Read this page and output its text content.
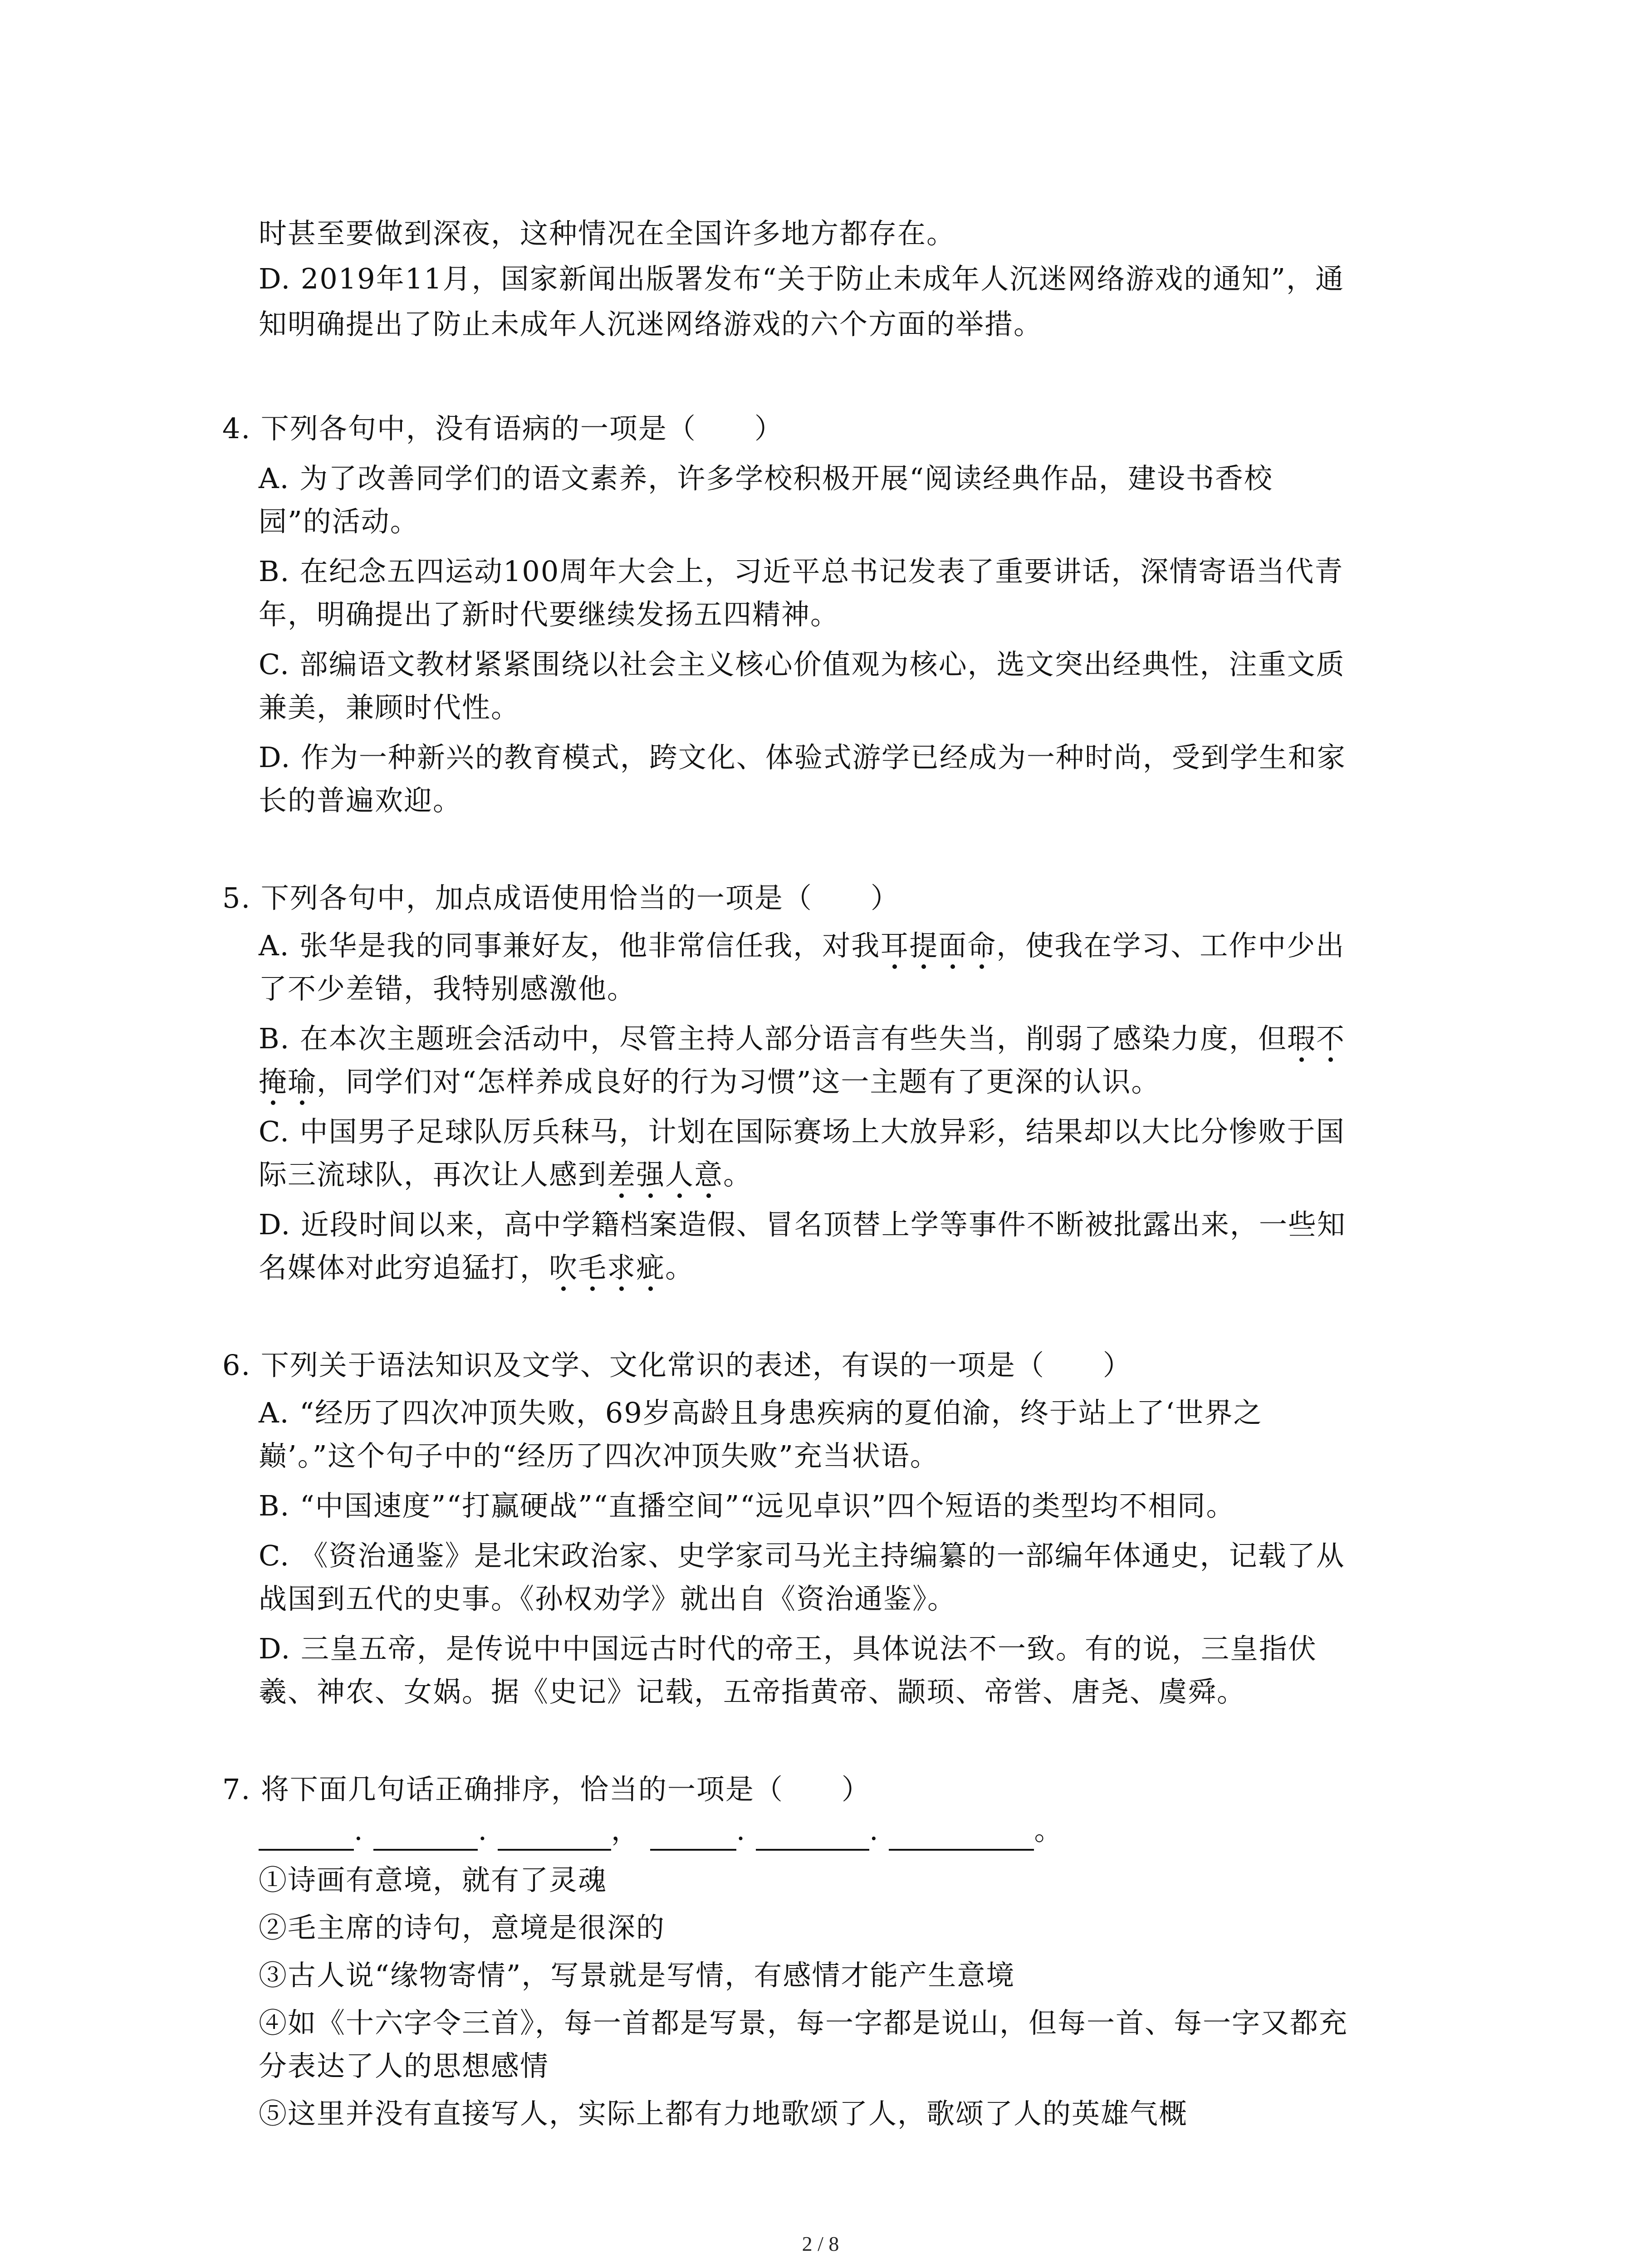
时甚至要做到深夜，这种情况在全国许多地方都存在。
D. 2019年11月，国家新闻出版署发布“关于防止未成年人沉迷网络游戏的通知”，通
知明确提出了防止未成年人沉迷网络游戏的六个方面的举措。
4. 下列各句中，没有语病的一项是（　　）
A. 为了改善同学们的语文素养，许多学校积极开展“阅读经典作品，建设书香校
园”的活动。
B. 在纪念五四运动100周年大会上，习近平总书记发表了重要讲话，深情寄语当代青
年，明确提出了新时代要继续发扬五四精神。
C. 部编语文教材紧紧围绕以社会主义核心价值观为核心，选文突出经典性，注重文质
兼美，兼顾时代性。
D. 作为一种新兴的教育模式，跨文化、体验式游学已经成为一种时尚，受到学生和家
长的普遍欢迎。
5. 下列各句中，加点成语使用恰当的一项是（　　）
A. 张华是我的同事兼好友，他非常信任我，对我耳提面命，使我在学习、工作中少出
了不少差错，我特别感激他。
B. 在本次主题班会活动中，尽管主持人部分语言有些失当，削弱了感染力度，但瑕不
掩瑜，同学们对“怎样养成良好的行为习惯”这一主题有了更深的认识。
C. 中国男子足球队厉兵秣马，计划在国际赛场上大放异彩，结果却以大比分惨败于国
际三流球队，再次让人感到差强人意。
D. 近段时间以来，高中学籍档案造假、冒名顶替上学等事件不断被批露出来，一些知
名媒体对此穷追猛打，吹毛求疵。
6. 下列关于语法知识及文学、文化常识的表述，有误的一项是（　　）
A. “经历了四次冲顶失败，69岁高龄且身患疾病的夏伯渝，终于站上了‘世界之
巅’。”这个句子中的“经历了四次冲顶失败”充当状语。
B. “中国速度”“打赢硬战”“直播空间”“远见卓识”四个短语的类型均不相同。
C. 《资治通鉴》是北宋政治家、史学家司马光主持编纂的一部编年体通史，记载了从
战国到五代的史事。《孙权劝学》就出自《资治通鉴》。
D. 三皇五帝，是传说中中国远古时代的帝王，具体说法不一致。有的说，三皇指伏
羲、神农、女娲。据《史记》记载，五帝指黄帝、颛顼、帝喾、唐尧、虞舜。
7. 将下面几句话正确排序，恰当的一项是（　　）
.	.	，	.	.	。
①诗画有意境，就有了灵魂
②毛主席的诗句，意境是很深的
③古人说“缘物寄情”，写景就是写情，有感情才能产生意境
④如《十六字令三首》，每一首都是写景，每一字都是说山，但每一首、每一字又都充
分表达了人的思想感情
⑤这里并没有直接写人，实际上都有力地歌颂了人，歌颂了人的英雄气概
2 / 8
